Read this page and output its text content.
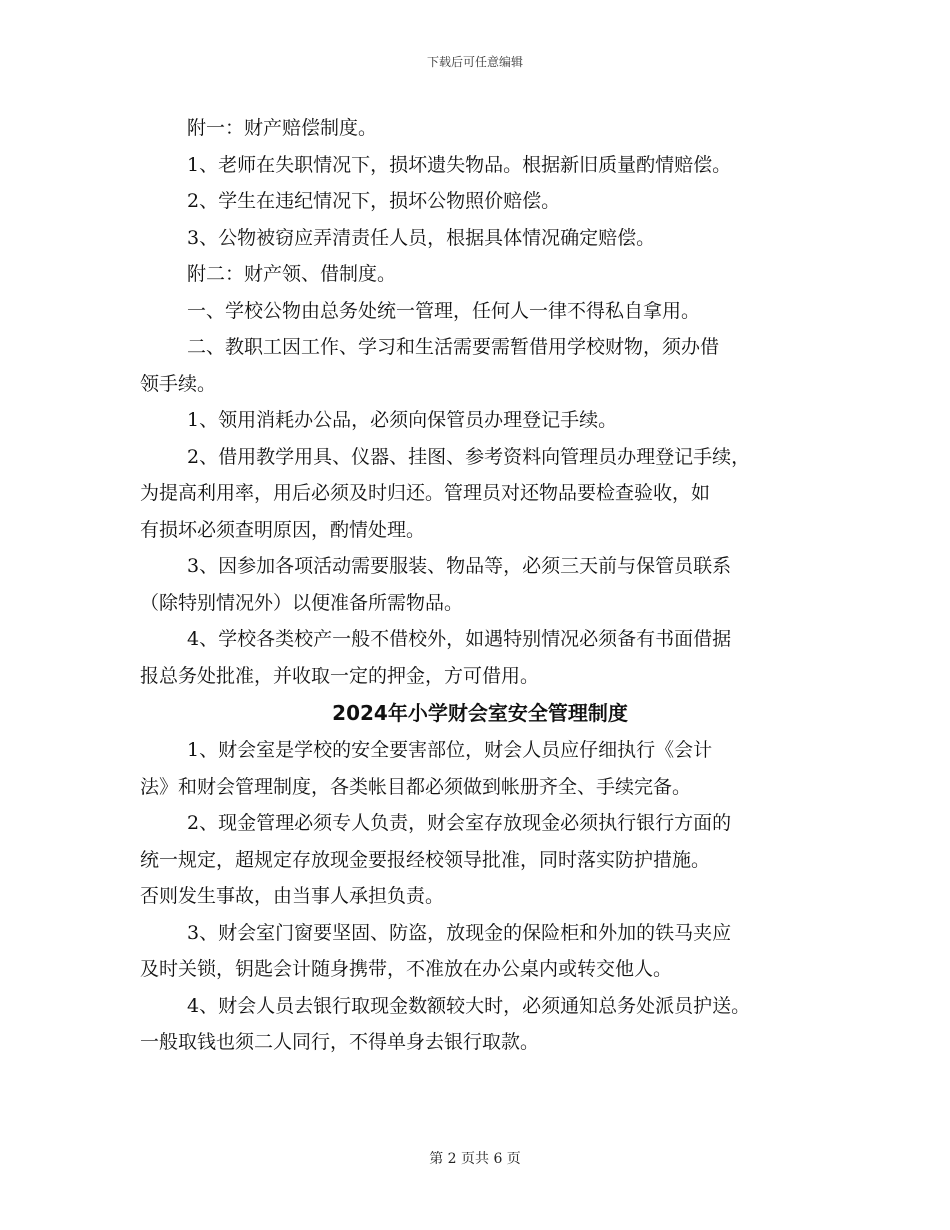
下载后可任意编辑
附一：财产赔偿制度。
1、老师在失职情况下，损坏遗失物品。根据新旧质量酌情赔偿。
2、学生在违纪情况下，损坏公物照价赔偿。
3、公物被窃应弄清责任人员，根据具体情况确定赔偿。
附二：财产领、借制度。
一、学校公物由总务处统一管理，任何人一律不得私自拿用。
二、教职工因工作、学习和生活需要需暂借用学校财物，须办借
领手续。
1、领用消耗办公品，必须向保管员办理登记手续。
2、借用教学用具、仪器、挂图、参考资料向管理员办理登记手续，
为提高利用率，用后必须及时归还。管理员对还物品要检查验收，如
有损坏必须查明原因，酌情处理。
3、因参加各项活动需要服装、物品等，必须三天前与保管员联系
（除特别情况外）以便准备所需物品。
4、学校各类校产一般不借校外，如遇特别情况必须备有书面借据
报总务处批准，并收取一定的押金，方可借用。
2024年小学财会室安全管理制度
1、财会室是学校的安全要害部位，财会人员应仔细执行《会计
法》和财会管理制度，各类帐目都必须做到帐册齐全、手续完备。
2、现金管理必须专人负责，财会室存放现金必须执行银行方面的
统一规定，超规定存放现金要报经校领导批准，同时落实防护措施。
否则发生事故，由当事人承担负责。
3、财会室门窗要坚固、防盗，放现金的保险柜和外加的铁马夹应
及时关锁，钥匙会计随身携带，不准放在办公桌内或转交他人。
4、财会人员去银行取现金数额较大时，必须通知总务处派员护送。
一般取钱也须二人同行，不得单身去银行取款。
第 2 页共 6 页
